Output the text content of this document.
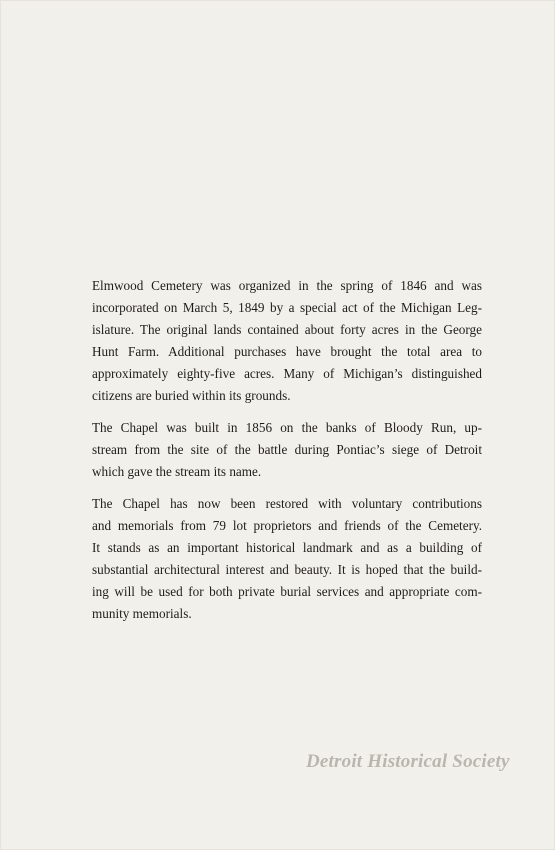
Elmwood Cemetery was organized in the spring of 1846 and was
incorporated on March 5, 1849 by a special act of the Michigan Leg-
islature. The original lands contained about forty acres in the George
Hunt Farm. Additional purchases have brought the total area to
approximately eighty-five acres. Many of Michigan’s distinguished
citizens are buried within its grounds.

The Chapel was built in 1856 on the banks of Bloody Run, up-
stream from the site of the battle during Pontiac’s siege of Detroit
which gave the stream its name.

The Chapel has now been restored with voluntary contributions
and memorials from 79 lot proprietors and friends of the Cemetery.
It stands as an important historical landmark and as a building of
substantial architectural interest and beauty. It is hoped that the build-
ing will be used for both private burial services and appropriate com-
munity memorials.

Detroit Historical Society
